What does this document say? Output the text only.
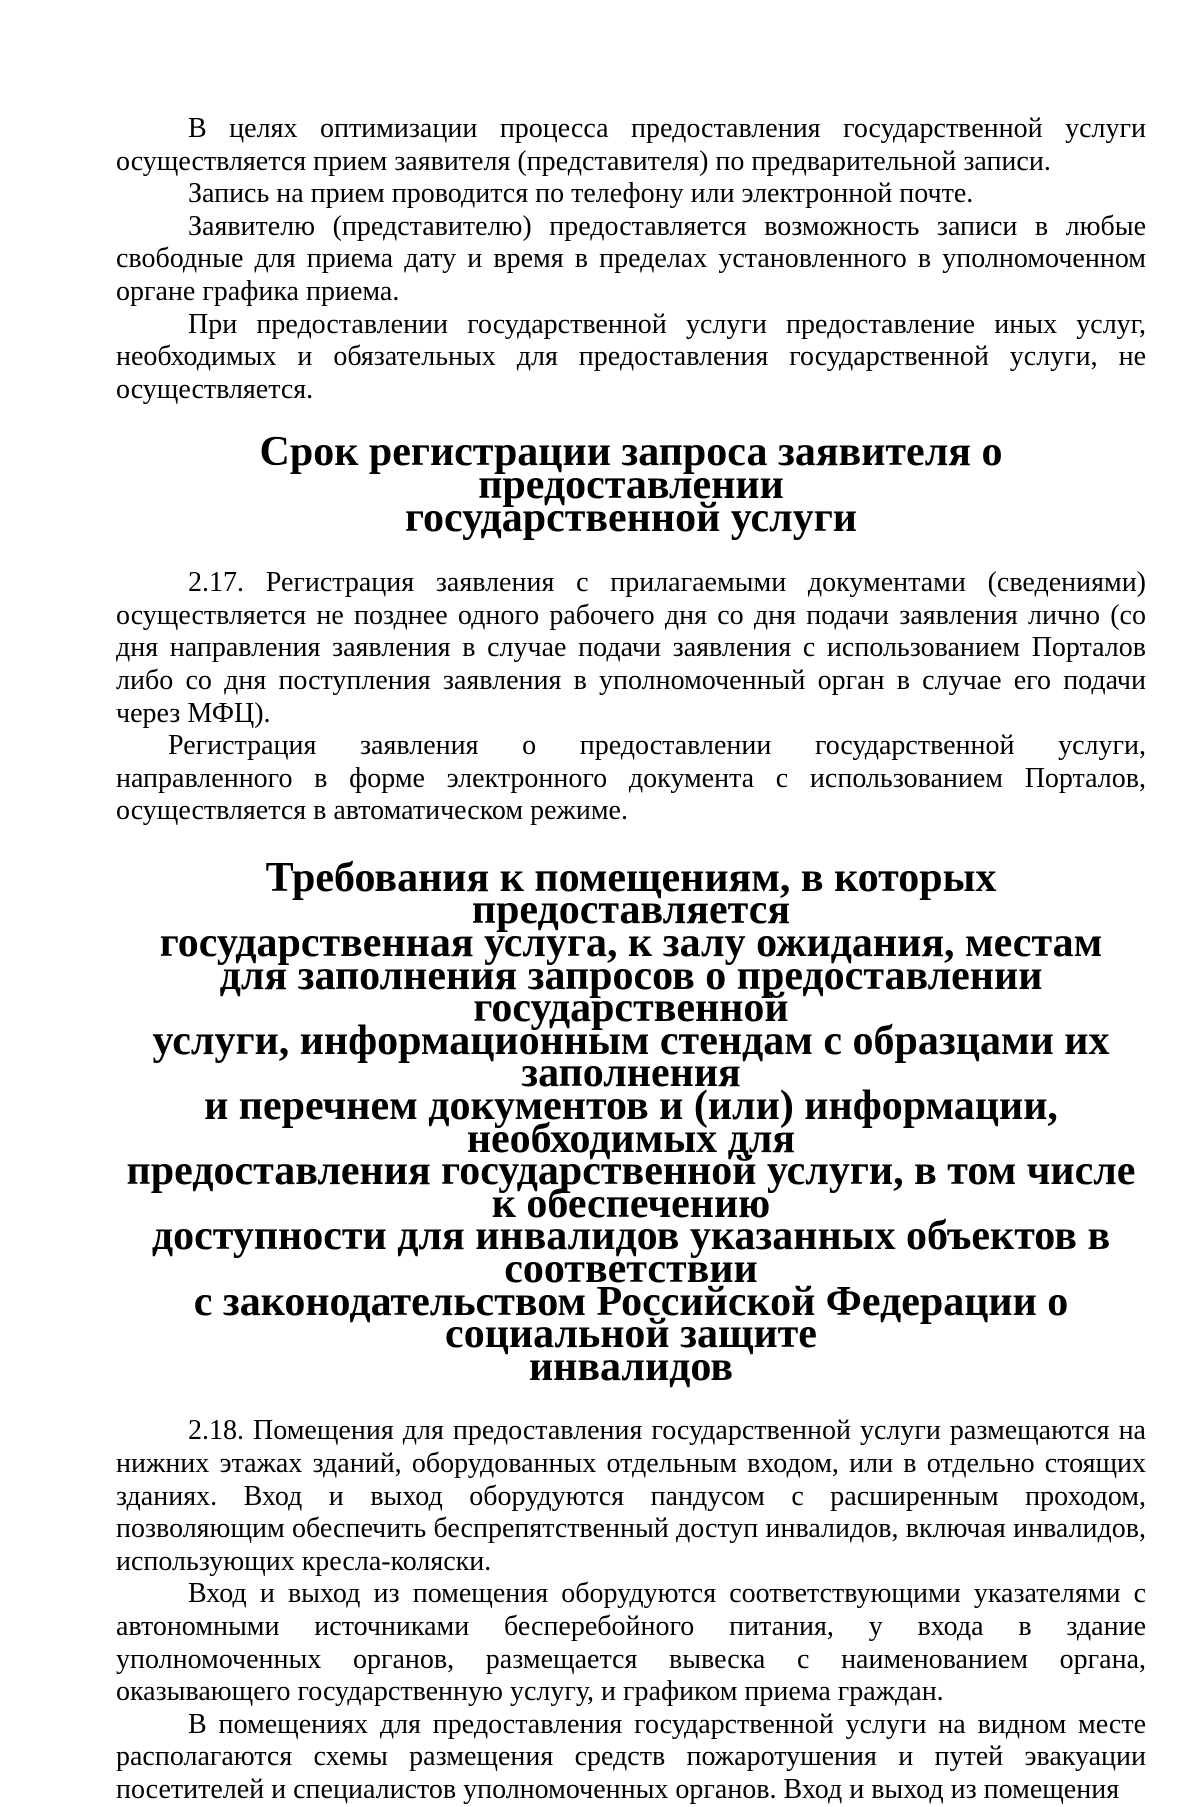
В целях оптимизации процесса предоставления государственной услуги осуществляется прием заявителя (представителя) по предварительной записи.

Запись на прием проводится по телефону или электронной почте.

Заявителю (представителю) предоставляется возможность записи в любые свободные для приема дату и время в пределах установленного в уполномоченном органе графика приема.

При предоставлении государственной услуги предоставление иных услуг, необходимых и обязательных для предоставления государственной услуги, не осуществляется.

Срок регистрации запроса заявителя о предоставлении
государственной услуги

2.17. Регистрация заявления с прилагаемыми документами (сведениями) осуществляется не позднее одного рабочего дня со дня подачи заявления лично (со дня направления заявления в случае подачи заявления с использованием Порталов либо со дня поступления заявления в уполномоченный орган в случае его подачи через МФЦ).

Регистрация заявления о предоставлении государственной услуги, направленного в форме электронного документа с использованием Порталов, осуществляется в автоматическом режиме.

Требования к помещениям, в которых предоставляется
государственная услуга, к залу ожидания, местам
для заполнения запросов о предоставлении государственной
услуги, информационным стендам с образцами их заполнения
и перечнем документов и (или) информации, необходимых для
предоставления государственной услуги, в том числе к обеспечению
доступности для инвалидов указанных объектов в соответствии
с законодательством Российской Федерации о социальной защите
инвалидов

2.18. Помещения для предоставления государственной услуги размещаются на нижних этажах зданий, оборудованных отдельным входом, или в отдельно стоящих зданиях. Вход и выход оборудуются пандусом с расширенным проходом, позволяющим обеспечить беспрепятственный доступ инвалидов, включая инвалидов, использующих кресла-коляски.

Вход и выход из помещения оборудуются соответствующими указателями с автономными источниками бесперебойного питания, у входа в здание уполномоченных органов, размещается вывеска с наименованием органа, оказывающего государственную услугу, и графиком приема граждан.

В помещениях для предоставления государственной услуги на видном месте располагаются схемы размещения средств пожаротушения и путей эвакуации посетителей и специалистов уполномоченных органов. Вход и выход из помещения
